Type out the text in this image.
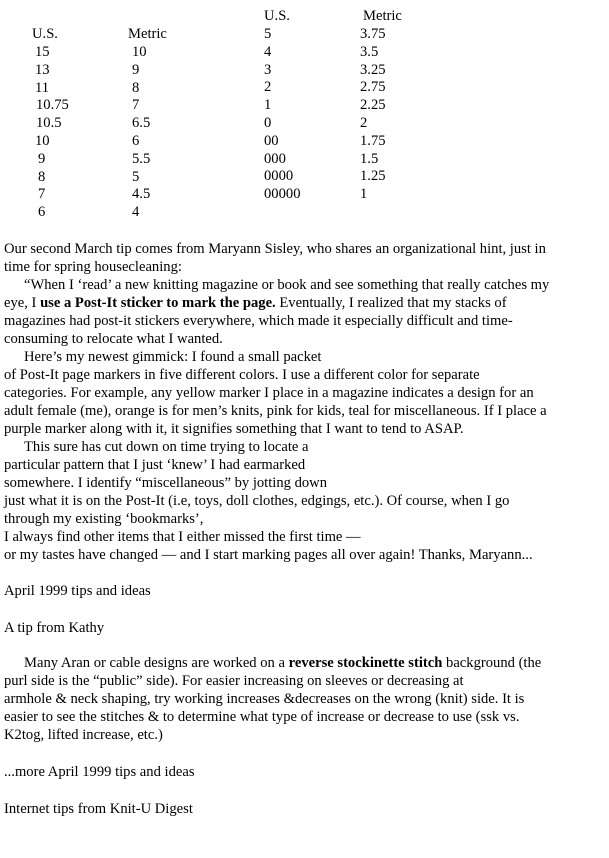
U.S.	Metric
U.S.	Metric
15	10
13	9
11	8
10.75	7
10.5	6.5
10	6
9	5.5
8	5
7	4.5
6	4
5	3.75
4	3.5
3	3.25
2	2.75
1	2.25
0	2
00	1.75
000	1.5
0000	1.25
00000	1
Our second March tip comes from Maryann Sisley, who shares an organizational hint, just in
time for spring housecleaning:
“When I ‘read’ a new knitting magazine or book and see something that really catches my
eye, I use a Post-It sticker to mark the page. Eventually, I realized that my stacks of
magazines had post-it stickers everywhere, which made it especially difficult and time-
consuming to relocate what I wanted.
Here’s my newest gimmick: I found a small packet
of Post-It page markers in five different colors. I use a different color for separate
categories. For example, any yellow marker I place in a magazine indicates a design for an
adult female (me), orange is for men’s knits, pink for kids, teal for miscellaneous. If I place a
purple marker along with it, it signifies something that I want to tend to ASAP.
This sure has cut down on time trying to locate a
particular pattern that I just ‘knew’ I had earmarked
somewhere. I identify “miscellaneous” by jotting down
just what it is on the Post-It (i.e, toys, doll clothes, edgings, etc.). Of course, when I go
through my existing ‘bookmarks’,
I always find other items that I either missed the first time —
or my tastes have changed — and I start marking pages all over again! Thanks, Maryann...
April 1999 tips and ideas
A tip from Kathy
Many Aran or cable designs are worked on a reverse stockinette stitch background (the
purl side is the “public” side). For easier increasing on sleeves or decreasing at
armhole & neck shaping, try working increases &decreases on the wrong (knit) side. It is
easier to see the stitches & to determine what type of increase or decrease to use (ssk vs.
K2tog, lifted increase, etc.)
...more April 1999 tips and ideas
Internet tips from Knit-U Digest
